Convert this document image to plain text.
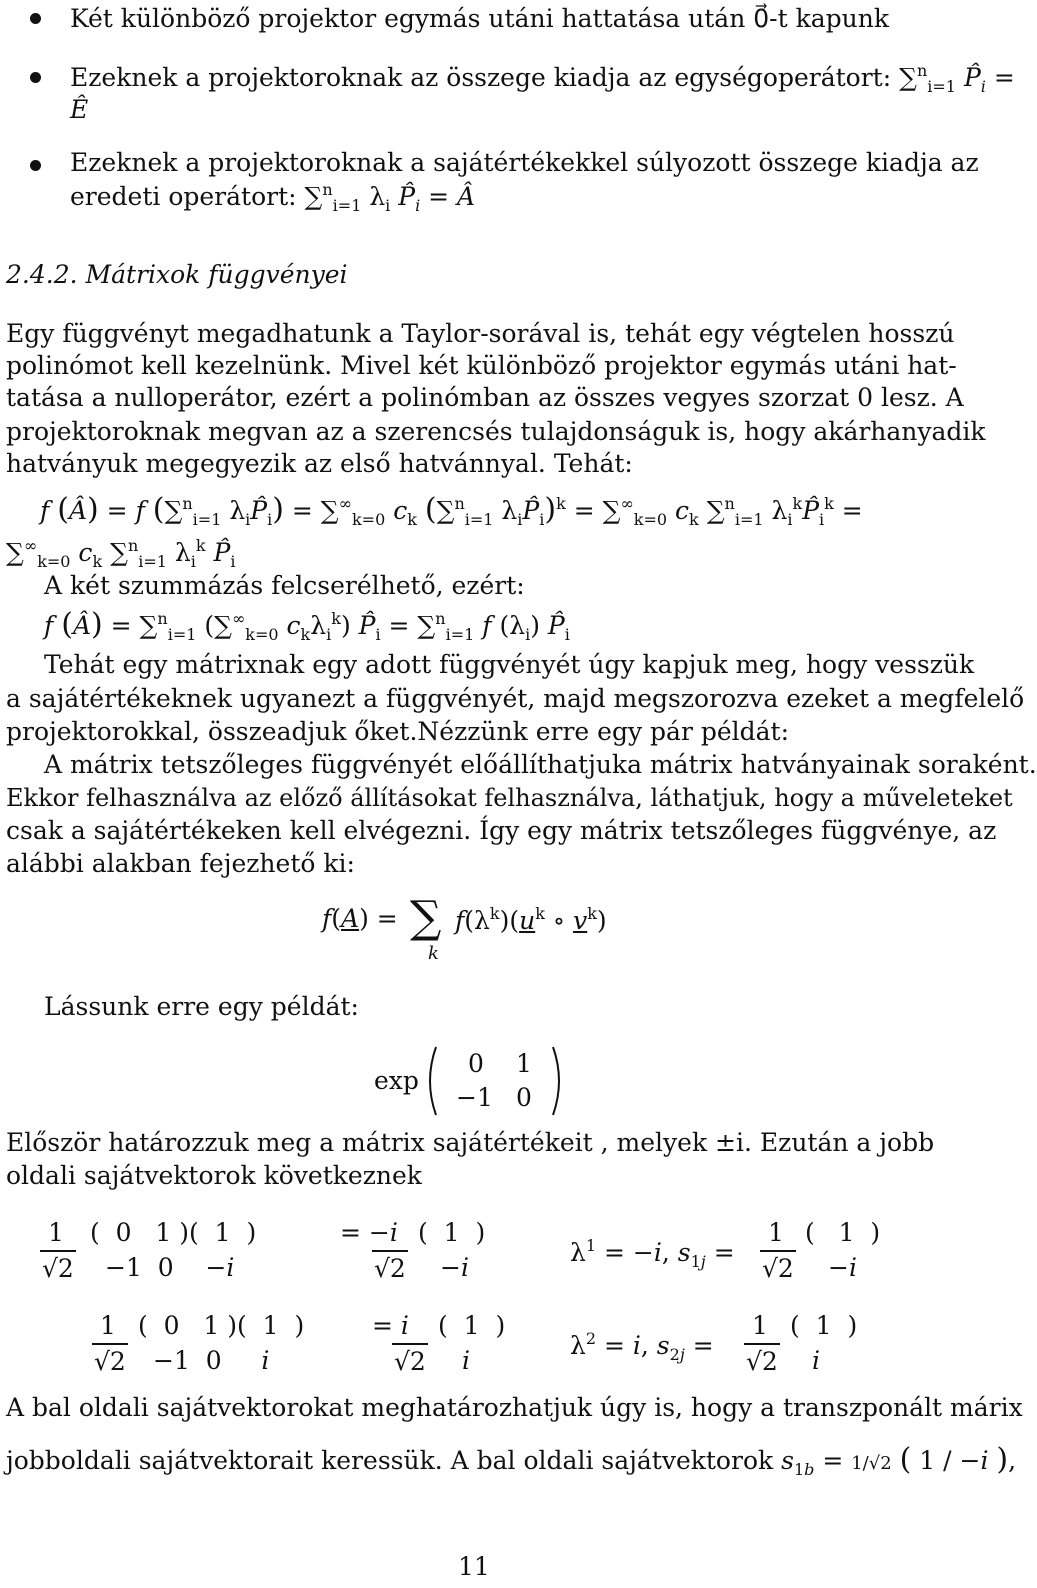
Két különböző projektor egymás utáni hattatása után 0⃗-t kapunk
Ezeknek a projektoroknak az összege kiadja az egységoperátort: ∑$^n_{i=1}$ $P̂_i$ =
Ê
Ezeknek a projektoroknak a sajátértékekkel súlyozott összege kiadja az
eredeti operátort: ∑$^n_{i=1}$ $\lambda_i$ $P̂_i$ = Â
2.4.2. Mátrixok függvényei
Egy függvényt megadhatunk a Taylor-sorával is, tehát egy végtelen hosszú
polinómot kell kezelnünk. Mivel két különböző projektor egymás utáni hat-
tatása a nulloperátor, ezért a polinómban az összes vegyes szorzat 0 lesz. A
projektoroknak megvan az a szerencsés tulajdonságuk is, hogy akárhanyadik
hatványuk megegyezik az első hatvánnyal. Tehát:
f (Â) = f (∑$^n_{i=1}$ $\lambda_iP̂_i) = \sum^\infty_{k=0}$ $c_k$ (∑$^n_{i=1}$ $\lambda_iP̂_i)^k = \sum^\infty_{k=0}$ $c_k$ ∑$^n_{i=1}$ $\lambda_i^kP̂_i^k$ =
$\sum^\infty_{k=0}$ $c_k$ ∑$^n_{i=1}$ $\lambda_i^k$ $P̂_i$
A két szummázás felcserélhető, ezért:
f (Â) = ∑$^n_{i=1}$ ($\sum^\infty_{k=0}$ $c_k\lambda_i^k$) $P̂_i = \sum^n_{i=1}$ f $(\lambda_i)$ $P̂_i$
Tehát egy mátrixnak egy adott függvényét úgy kapjuk meg, hogy vesszük
a sajátértékeknek ugyanezt a függvényét, majd megszorozva ezeket a megfelelő
projektorokkal, összeadjuk őket.Nézzünk erre egy pár példát:
A mátrix tetszőleges függvényét előállíthatjuka mátrix hatványainak soraként.
Ekkor felhasználva az előző állításokat felhasználva, láthatjuk, hogy a műveleteket
csak a sajátértékeken kell elvégezni. Így egy mátrix tetszőleges függvénye, az
alábbi alakban fejezhető ki:
f(A) = ∑
k
$f(\lambda^k)(u^k$ ∘ $v^k$)
Lássunk erre egy példát:
exp
0 1
−1 0
Először határozzuk meg a mátrix sajátértékeit , melyek ±i. Ezután a jobb
oldali sajátvektorok következnek
1
√2
(  0   1 )(  1  )
−1  0    −i
= −i
√2
(  1  )
−i
$\lambda^1 = -i$, $s_{1j}$ =
1
√2
(   1  )
−i
1
√2
(  0   1 )(  1  )
−1  0     i
= i
√2
(  1  )
i
$\lambda^2 = i$, $s_{2j}$ =
1
√2
(  1  )
i
A bal oldali sajátvektorokat meghatározhatjuk úgy is, hogy a transzponált márix
jobboldali sajátvektorait keressük. A bal oldali sajátvektorok $s_{1b} = 1/√2$ ( 1 / −i ),
11
